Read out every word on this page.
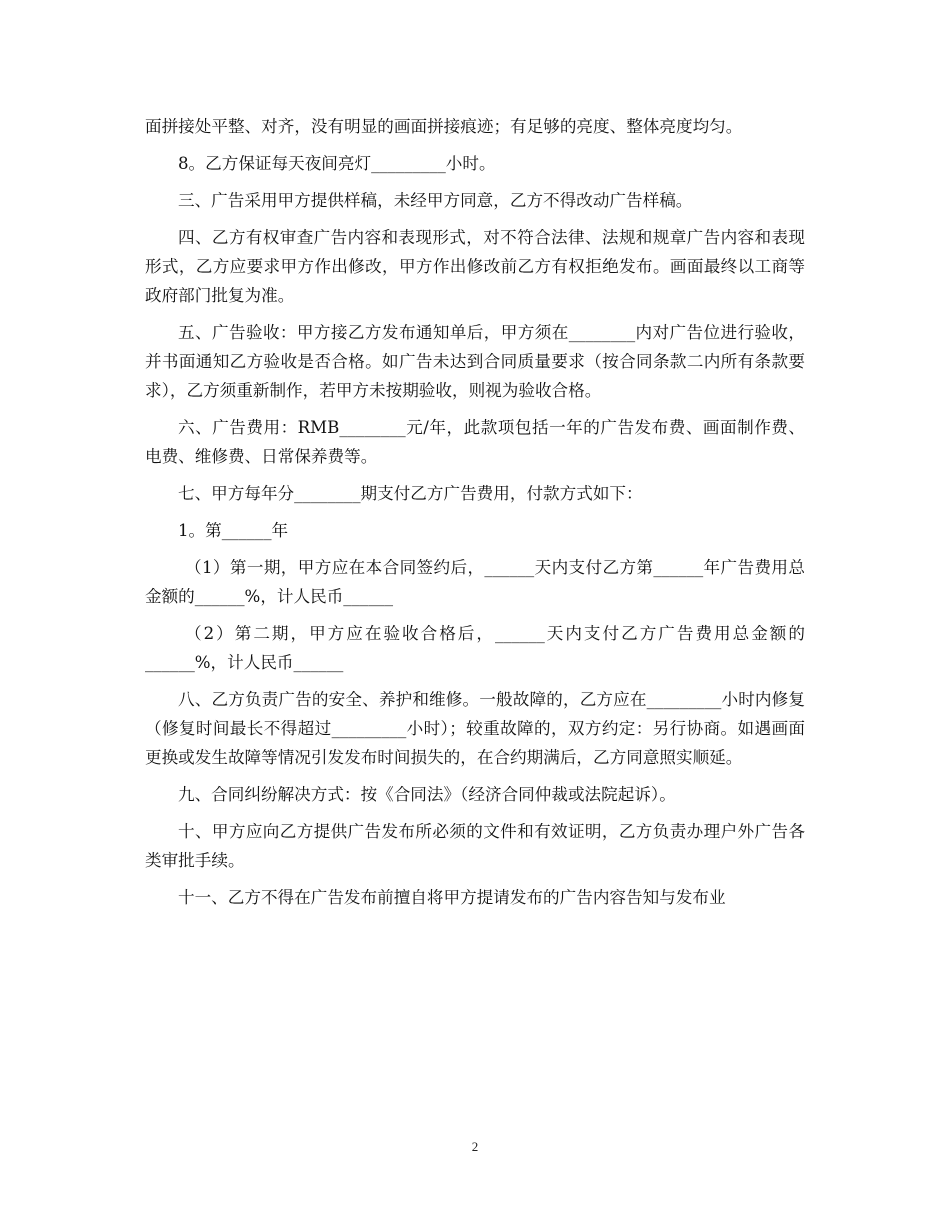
面拼接处平整、对齐，没有明显的画面拼接痕迹；有足够的亮度、整体亮度均匀。

8。乙方保证每天夜间亮灯_________小时。

三、广告采用甲方提供样稿，未经甲方同意，乙方不得改动广告样稿。

四、乙方有权审查广告内容和表现形式，对不符合法律、法规和规章广告内容和表现形式，乙方应要求甲方作出修改，甲方作出修改前乙方有权拒绝发布。画面最终以工商等政府部门批复为准。

五、广告验收：甲方接乙方发布通知单后，甲方须在________内对广告位进行验收，并书面通知乙方验收是否合格。如广告未达到合同质量要求（按合同条款二内所有条款要求），乙方须重新制作，若甲方未按期验收，则视为验收合格。

六、广告费用：RMB________元/年，此款项包括一年的广告发布费、画面制作费、电费、维修费、日常保养费等。

七、甲方每年分________期支付乙方广告费用，付款方式如下：

1。第______年

（1）第一期，甲方应在本合同签约后，______天内支付乙方第______年广告费用总金额的______%，计人民币______

（2）第二期，甲方应在验收合格后，______天内支付乙方广告费用总金额的______%，计人民币______

八、乙方负责广告的安全、养护和维修。一般故障的，乙方应在_________小时内修复（修复时间最长不得超过_________小时）；较重故障的，双方约定：另行协商。如遇画面更换或发生故障等情况引发发布时间损失的，在合约期满后，乙方同意照实顺延。

九、合同纠纷解决方式：按《合同法》（经济合同仲裁或法院起诉）。

十、甲方应向乙方提供广告发布所必须的文件和有效证明，乙方负责办理户外广告各类审批手续。

十一、乙方不得在广告发布前擅自将甲方提请发布的广告内容告知与发布业

2
